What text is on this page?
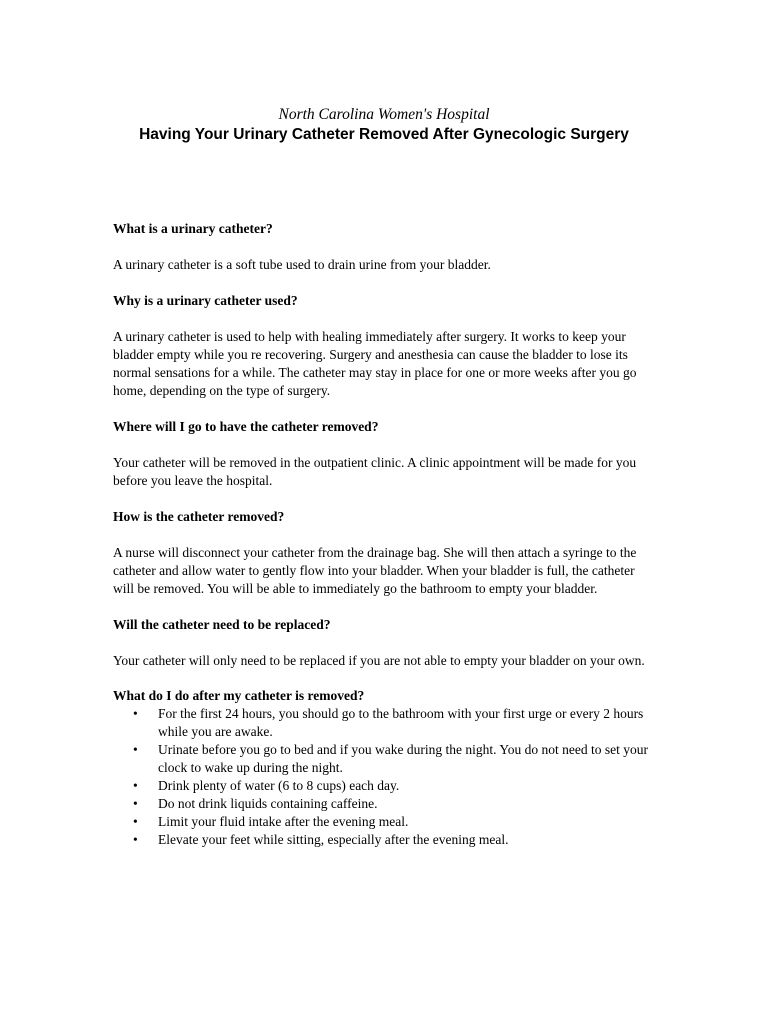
North Carolina Women's Hospital
Having Your Urinary Catheter Removed After Gynecologic Surgery

What is a urinary catheter?

A urinary catheter is a soft tube used to drain urine from your bladder.

Why is a urinary catheter used?

A urinary catheter is used to help with healing immediately after surgery. It works to keep your bladder empty while you re recovering. Surgery and anesthesia can cause the bladder to lose its normal sensations for a while. The catheter may stay in place for one or more weeks after you go home, depending on the type of surgery.

Where will I go to have the catheter removed?

Your catheter will be removed in the outpatient clinic. A clinic appointment will be made for you before you leave the hospital.

How is the catheter removed?

A nurse will disconnect your catheter from the drainage bag. She will then attach a syringe to the catheter and allow water to gently flow into your bladder. When your bladder is full, the catheter will be removed. You will be able to immediately go the bathroom to empty your bladder.

Will the catheter need to be replaced?

Your catheter will only need to be replaced if you are not able to empty your bladder on your own.

What do I do after my catheter is removed?

• For the first 24 hours, you should go to the bathroom with your first urge or every 2 hours while you are awake.
• Urinate before you go to bed and if you wake during the night. You do not need to set your clock to wake up during the night.
• Drink plenty of water (6 to 8 cups) each day.
• Do not drink liquids containing caffeine.
• Limit your fluid intake after the evening meal.
• Elevate your feet while sitting, especially after the evening meal.
